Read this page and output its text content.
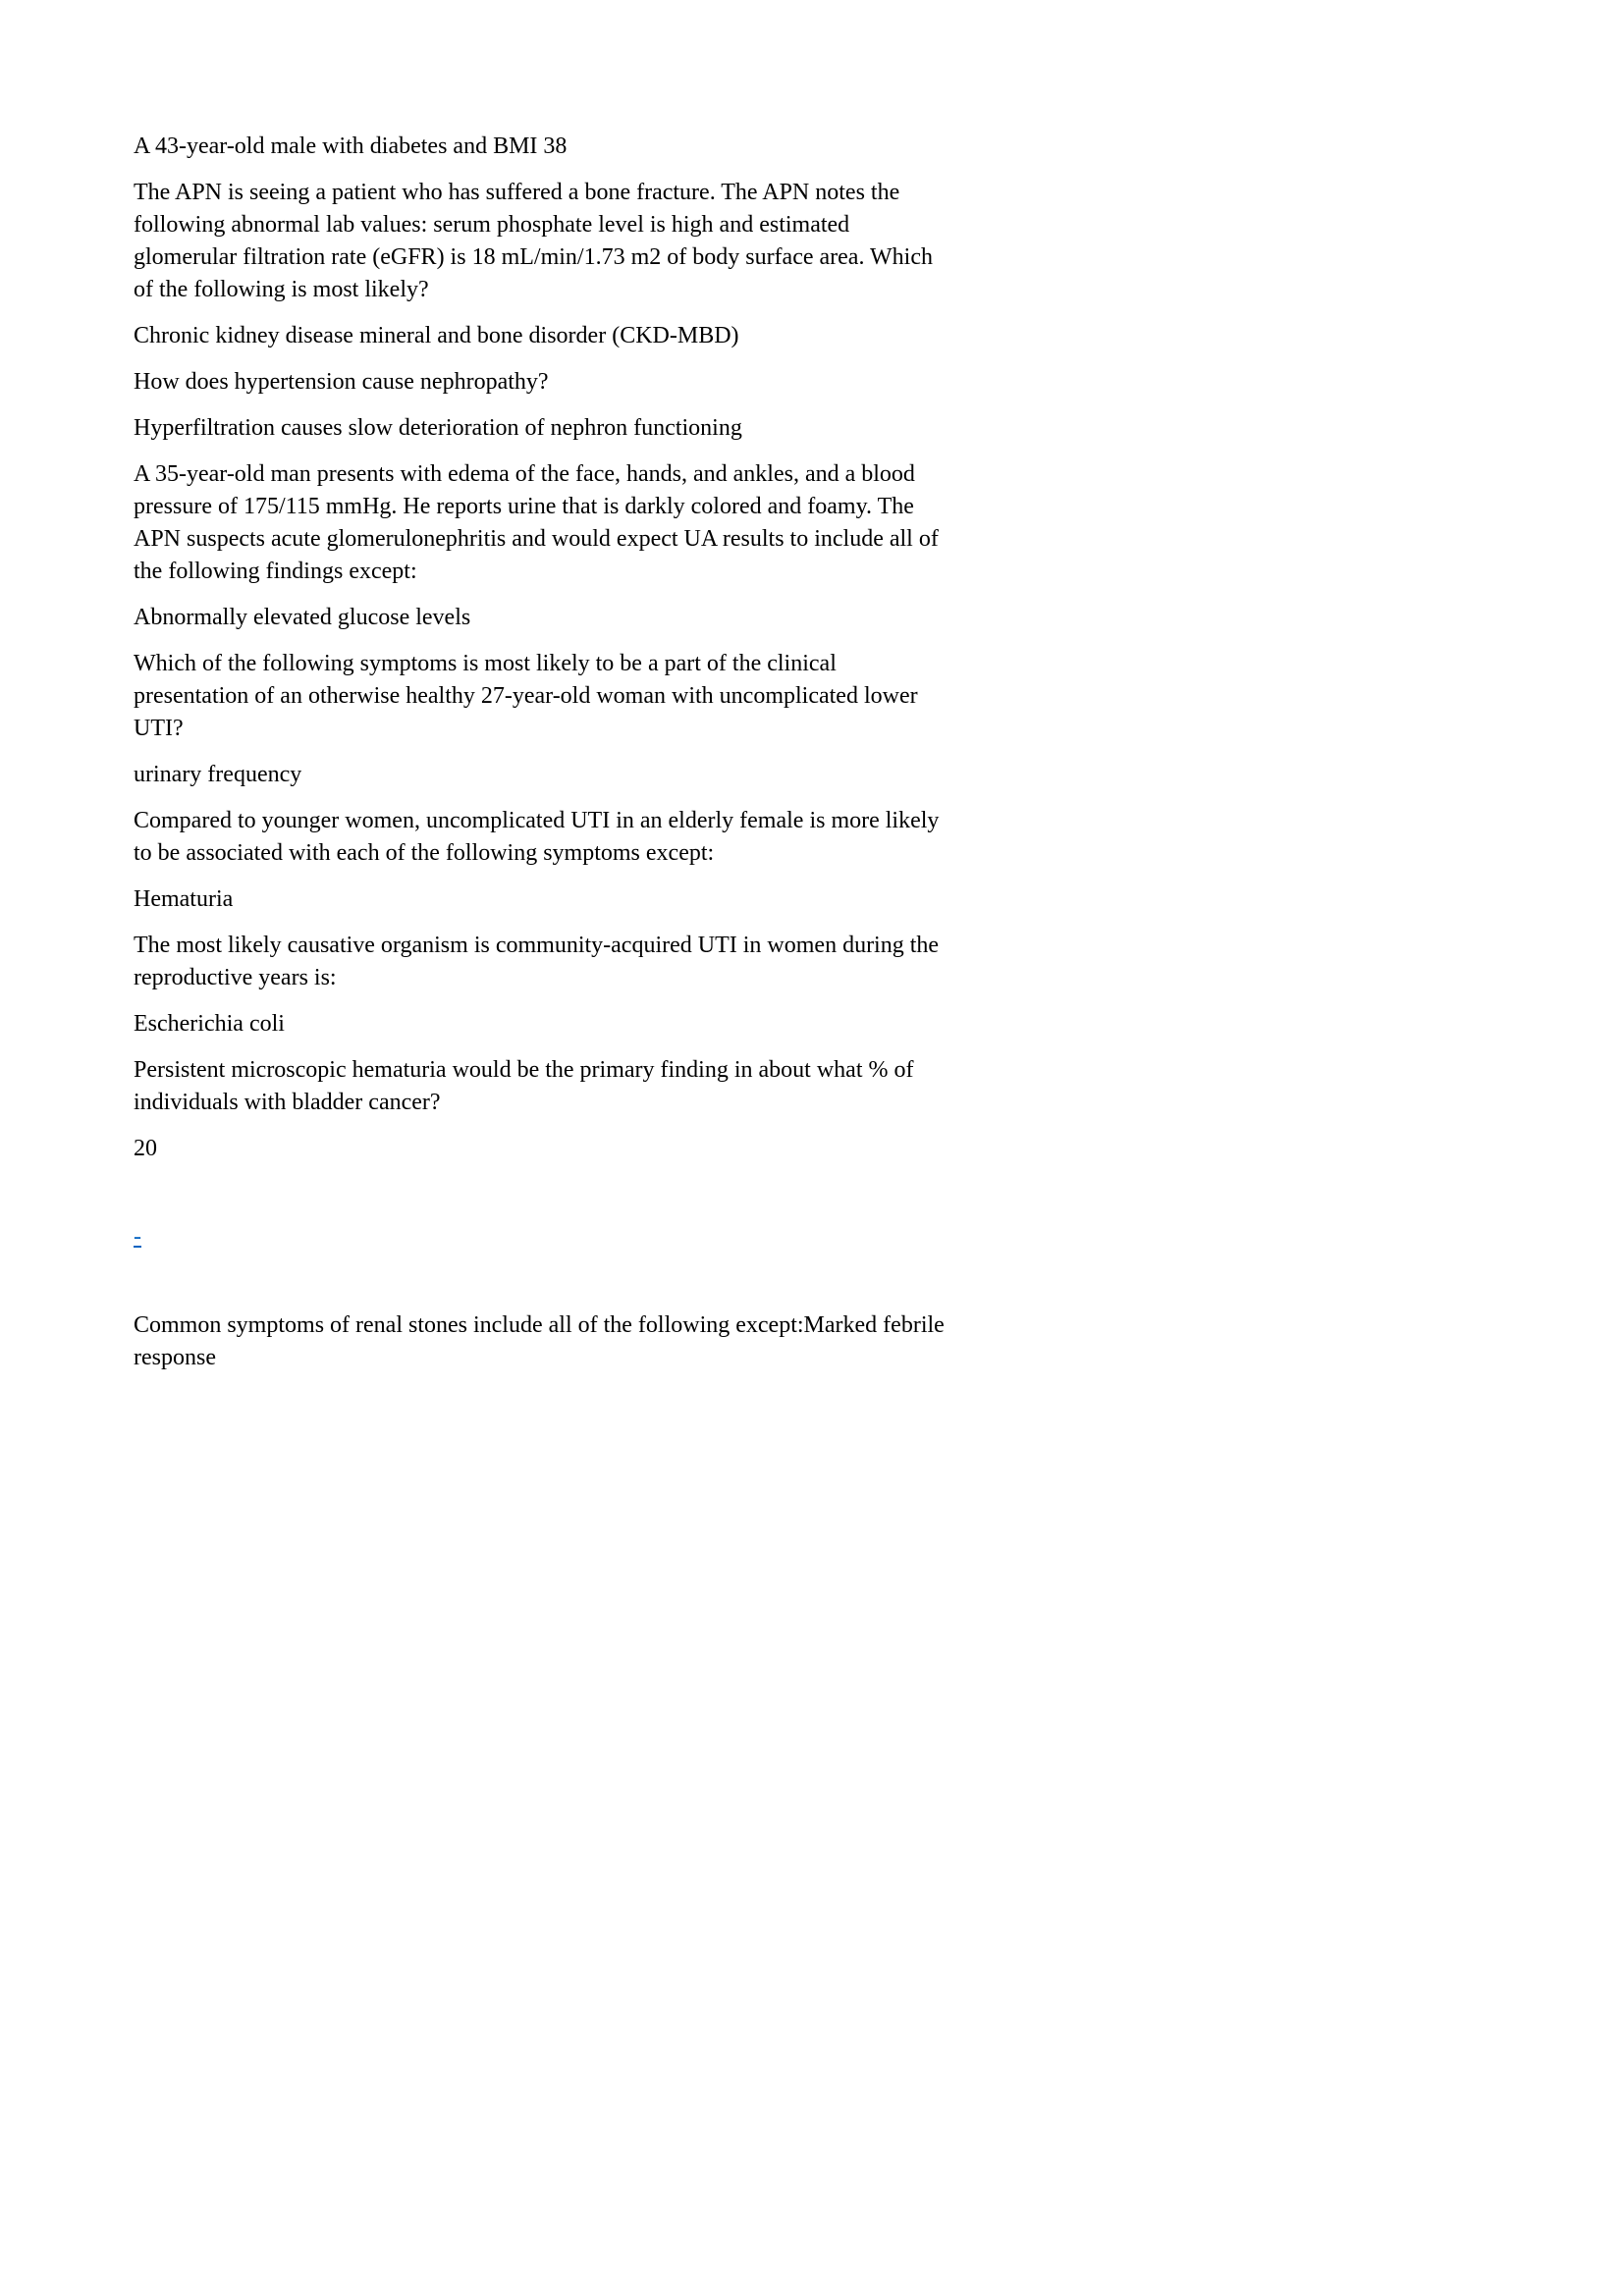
A 43-year-old male with diabetes and BMI 38

The APN is seeing a patient who has suffered a bone fracture. The APN notes the following abnormal lab values: serum phosphate level is high and estimated glomerular filtration rate (eGFR) is 18 mL/min/1.73 m2 of body surface area. Which of the following is most likely?

Chronic kidney disease mineral and bone disorder (CKD-MBD)

How does hypertension cause nephropathy?

Hyperfiltration causes slow deterioration of nephron functioning

A 35-year-old man presents with edema of the face, hands, and ankles, and a blood pressure of 175/115 mmHg. He reports urine that is darkly colored and foamy. The APN suspects acute glomerulonephritis and would expect UA results to include all of the following findings except:

Abnormally elevated glucose levels

Which of the following symptoms is most likely to be a part of the clinical presentation of an otherwise healthy 27-year-old woman with uncomplicated lower UTI?

urinary frequency

Compared to younger women, uncomplicated UTI in an elderly female is more likely to be associated with each of the following symptoms except:

Hematuria

The most likely causative organism is community-acquired UTI in women during the reproductive years is:

Escherichia coli

Persistent microscopic hematuria would be the primary finding in about what % of individuals with bladder cancer?

20

-

Common symptoms of renal stones include all of the following except:Marked febrile response
